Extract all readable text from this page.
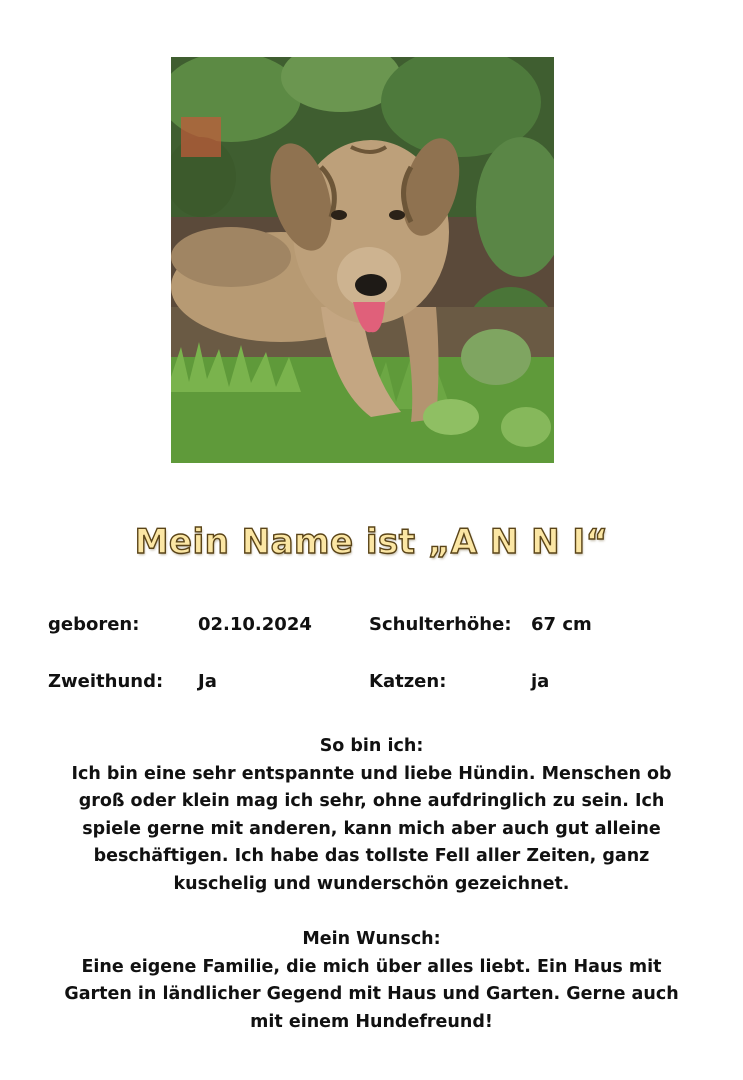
Mein Name ist „A N N I“
geboren:	02.10.2024	Schulterhöhe: 67 cm
Zweithund: Ja	Katzen:	ja

So bin ich:

Ich bin eine sehr entspannte und liebe Hündin. Menschen ob

groß oder klein mag ich sehr, ohne aufdringlich zu sein. Ich

spiele gerne mit anderen, kann mich aber auch gut alleine

beschäftigen. Ich habe das tollste Fell aller Zeiten, ganz

kuschelig und wunderschön gezeichnet.

Mein Wunsch:

Eine eigene Familie, die mich über alles liebt. Ein Haus mit

Garten in ländlicher Gegend mit Haus und Garten. Gerne auch

mit einem Hundefreund!
